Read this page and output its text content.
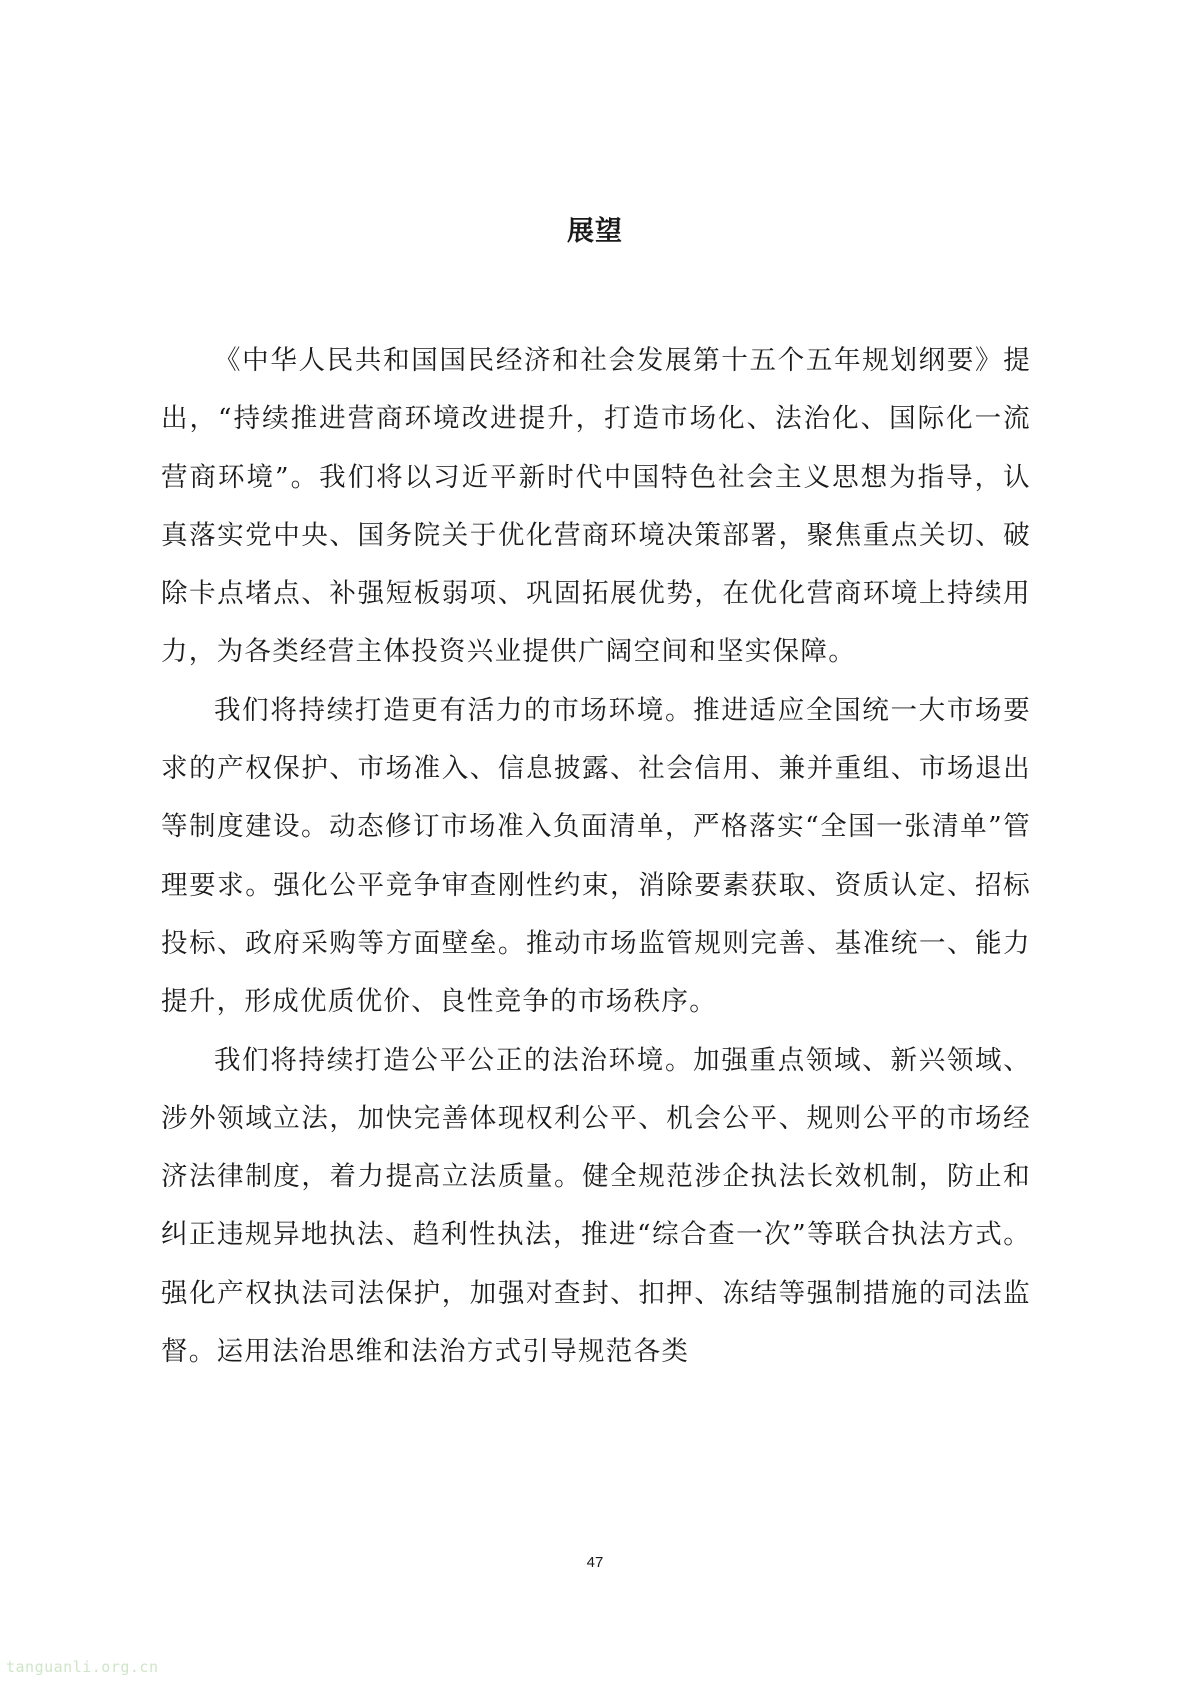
展望

《中华人民共和国国民经济和社会发展第十五个五年规划纲要》提出，“持续推进营商环境改进提升，打造市场化、法治化、国际化一流营商环境”。我们将以习近平新时代中国特色社会主义思想为指导，认真落实党中央、国务院关于优化营商环境决策部署，聚焦重点关切、破除卡点堵点、补强短板弱项、巩固拓展优势，在优化营商环境上持续用力，为各类经营主体投资兴业提供广阔空间和坚实保障。

我们将持续打造更有活力的市场环境。推进适应全国统一大市场要求的产权保护、市场准入、信息披露、社会信用、兼并重组、市场退出等制度建设。动态修订市场准入负面清单，严格落实“全国一张清单”管理要求。强化公平竞争审查刚性约束，消除要素获取、资质认定、招标投标、政府采购等方面壁垒。推动市场监管规则完善、基准统一、能力提升，形成优质优价、良性竞争的市场秩序。

我们将持续打造公平公正的法治环境。加强重点领域、新兴领域、涉外领域立法，加快完善体现权利公平、机会公平、规则公平的市场经济法律制度，着力提高立法质量。健全规范涉企执法长效机制，防止和纠正违规异地执法、趋利性执法，推进“综合查一次”等联合执法方式。强化产权执法司法保护，加强对查封、扣押、冻结等强制措施的司法监督。运用法治思维和法治方式引导规范各类

47
tanguanli.org.cn
